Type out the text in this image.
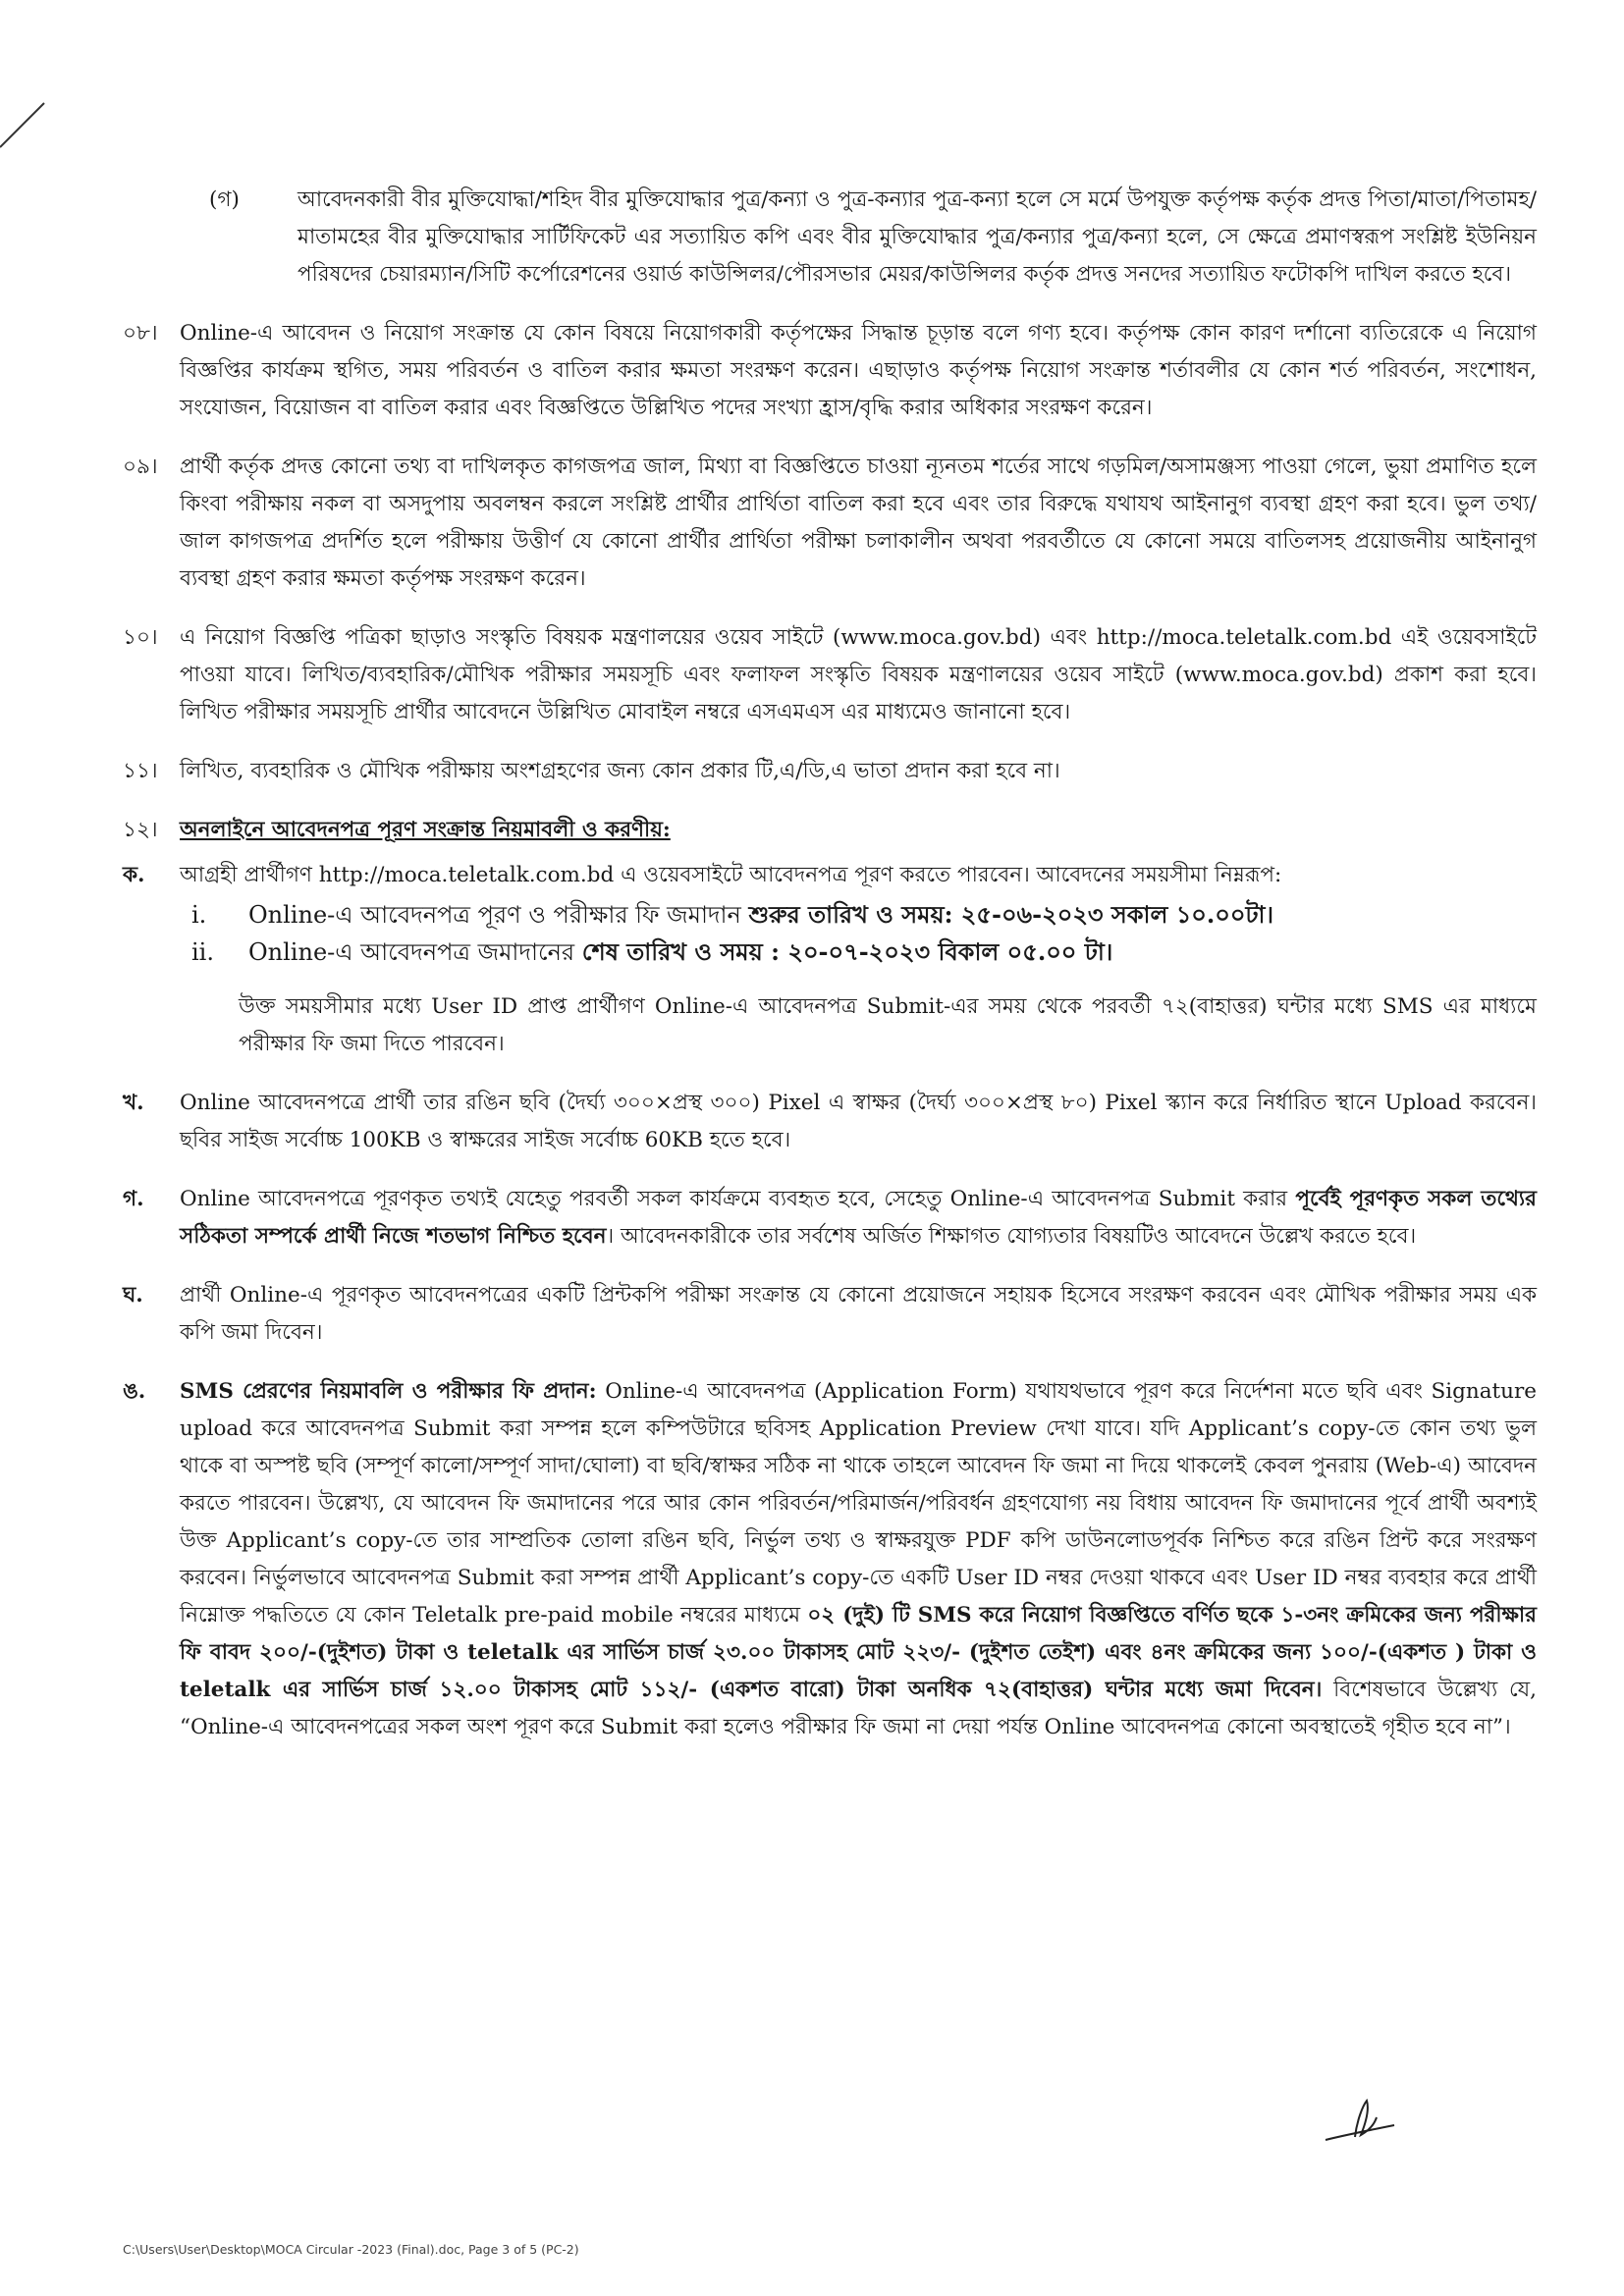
(গ)	আবেদনকারী বীর মুক্তিযোদ্ধা/শহিদ বীর মুক্তিযোদ্ধার পুত্র/কন্যা ও পুত্র-কন্যার পুত্র-কন্যা হলে সে মর্মে উপযুক্ত কর্তৃপক্ষ কর্তৃক প্রদত্ত পিতা/মাতা/পিতামহ/মাতামহের বীর মুক্তিযোদ্ধার সার্টিফিকেট এর সত্যায়িত কপি এবং বীর মুক্তিযোদ্ধার পুত্র/কন্যার পুত্র/কন্যা হলে, সে ক্ষেত্রে প্রমাণস্বরূপ সংশ্লিষ্ট ইউনিয়ন পরিষদের চেয়ারম্যান/সিটি কর্পোরেশনের ওয়ার্ড কাউন্সিলর/পৌরসভার মেয়র/কাউন্সিলর কর্তৃক প্রদত্ত সনদের সত্যায়িত ফটোকপি দাখিল করতে হবে।
০৮।	Online-এ আবেদন ও নিয়োগ সংক্রান্ত যে কোন বিষয়ে নিয়োগকারী কর্তৃপক্ষের সিদ্ধান্ত চূড়ান্ত বলে গণ্য হবে। কর্তৃপক্ষ কোন কারণ দর্শানো ব্যতিরেকে এ নিয়োগ বিজ্ঞপ্তির কার্যক্রম স্থগিত, সময় পরিবর্তন ও বাতিল করার ক্ষমতা সংরক্ষণ করেন। এছাড়াও কর্তৃপক্ষ নিয়োগ সংক্রান্ত শর্তাবলীর যে কোন শর্ত পরিবর্তন, সংশোধন, সংযোজন, বিয়োজন বা বাতিল করার এবং বিজ্ঞপ্তিতে উল্লিখিত পদের সংখ্যা হ্রাস/বৃদ্ধি করার অধিকার সংরক্ষণ করেন।
০৯।	প্রার্থী কর্তৃক প্রদত্ত কোনো তথ্য বা দাখিলকৃত কাগজপত্র জাল, মিথ্যা বা বিজ্ঞপ্তিতে চাওয়া ন্যূনতম শর্তের সাথে গড়মিল/অসামঞ্জস্য পাওয়া গেলে, ভুয়া প্রমাণিত হলে কিংবা পরীক্ষায় নকল বা অসদুপায় অবলম্বন করলে সংশ্লিষ্ট প্রার্থীর প্রার্থিতা বাতিল করা হবে এবং তার বিরুদ্ধে যথাযথ আইনানুগ ব্যবস্থা গ্রহণ করা হবে। ভুল তথ্য/জাল কাগজপত্র প্রদর্শিত হলে পরীক্ষায় উত্তীর্ণ যে কোনো প্রার্থীর প্রার্থিতা পরীক্ষা চলাকালীন অথবা পরবর্তীতে যে কোনো সময়ে বাতিলসহ প্রয়োজনীয় আইনানুগ ব্যবস্থা গ্রহণ করার ক্ষমতা কর্তৃপক্ষ সংরক্ষণ করেন।
১০।	এ নিয়োগ বিজ্ঞপ্তি পত্রিকা ছাড়াও সংস্কৃতি বিষয়ক মন্ত্রণালয়ের ওয়েব সাইটে (www.moca.gov.bd) এবং http://moca.teletalk.com.bd এই ওয়েবসাইটে পাওয়া যাবে। লিখিত/ব্যবহারিক/মৌখিক পরীক্ষার সময়সূচি এবং ফলাফল সংস্কৃতি বিষয়ক মন্ত্রণালয়ের ওয়েব সাইটে (www.moca.gov.bd) প্রকাশ করা হবে। লিখিত পরীক্ষার সময়সূচি প্রার্থীর আবেদনে উল্লিখিত মোবাইল নম্বরে এসএমএস এর মাধ্যমেও জানানো হবে।
১১।	লিখিত, ব্যবহারিক ও মৌখিক পরীক্ষায় অংশগ্রহণের জন্য কোন প্রকার টি,এ/ডি,এ ভাতা প্রদান করা হবে না।
১২।	অনলাইনে আবেদনপত্র পূরণ সংক্রান্ত নিয়মাবলী ও করণীয়:
ক.	আগ্রহী প্রার্থীগণ http://moca.teletalk.com.bd এ ওয়েবসাইটে আবেদনপত্র পূরণ করতে পারবেন। আবেদনের সময়সীমা নিম্নরূপ:
i.	Online-এ আবেদনপত্র পূরণ ও পরীক্ষার ফি জমাদান শুরুর তারিখ ও সময়: ২৫-০৬-২০২৩ সকাল ১০.০০টা।
ii.	Online-এ আবেদনপত্র জমাদানের শেষ তারিখ ও সময় : ২০-০৭-২০২৩ বিকাল ০৫.০০ টা।
উক্ত সময়সীমার মধ্যে User ID প্রাপ্ত প্রার্থীগণ Online-এ আবেদনপত্র Submit-এর সময় থেকে পরবর্তী ৭২(বাহাত্তর) ঘন্টার মধ্যে SMS এর মাধ্যমে পরীক্ষার ফি জমা দিতে পারবেন।
খ.	Online আবেদনপত্রে প্রার্থী তার রঙিন ছবি (দৈর্ঘ্য ৩০০×প্রস্থ ৩০০) Pixel এ স্বাক্ষর (দৈর্ঘ্য ৩০০×প্রস্থ ৮০) Pixel স্ক্যান করে নির্ধারিত স্থানে Upload করবেন। ছবির সাইজ সর্বোচ্চ 100KB ও স্বাক্ষরের সাইজ সর্বোচ্চ 60KB হতে হবে।
গ.	Online আবেদনপত্রে পূরণকৃত তথ্যই যেহেতু পরবর্তী সকল কার্যক্রমে ব্যবহৃত হবে, সেহেতু Online-এ আবেদনপত্র Submit করার পূর্বেই পূরণকৃত সকল তথ্যের সঠিকতা সম্পর্কে প্রার্থী নিজে শতভাগ নিশ্চিত হবেন। আবেদনকারীকে তার সর্বশেষ অর্জিত শিক্ষাগত যোগ্যতার বিষয়টিও আবেদনে উল্লেখ করতে হবে।
ঘ.	প্রার্থী Online-এ পূরণকৃত আবেদনপত্রের একটি প্রিন্টকপি পরীক্ষা সংক্রান্ত যে কোনো প্রয়োজনে সহায়ক হিসেবে সংরক্ষণ করবেন এবং মৌখিক পরীক্ষার সময় এক কপি জমা দিবেন।
ঙ.	SMS প্রেরণের নিয়মাবলি ও পরীক্ষার ফি প্রদান: Online-এ আবেদনপত্র (Application Form) যথাযথভাবে পূরণ করে নির্দেশনা মতে ছবি এবং Signature upload করে আবেদনপত্র Submit করা সম্পন্ন হলে কম্পিউটারে ছবিসহ Application Preview দেখা যাবে। যদি Applicant’s copy-তে কোন তথ্য ভুল থাকে বা অস্পষ্ট ছবি (সম্পূর্ণ কালো/সম্পূর্ণ সাদা/ঘোলা) বা ছবি/স্বাক্ষর সঠিক না থাকে তাহলে আবেদন ফি জমা না দিয়ে থাকলেই কেবল পুনরায় (Web-এ) আবেদন করতে পারবেন। উল্লেখ্য, যে আবেদন ফি জমাদানের পরে আর কোন পরিবর্তন/পরিমার্জন/পরিবর্ধন গ্রহণযোগ্য নয় বিধায় আবেদন ফি জমাদানের পূর্বে প্রার্থী অবশ্যই উক্ত Applicant’s copy-তে তার সাম্প্রতিক তোলা রঙিন ছবি, নির্ভুল তথ্য ও স্বাক্ষরযুক্ত PDF কপি ডাউনলোডপূর্বক নিশ্চিত করে রঙিন প্রিন্ট করে সংরক্ষণ করবেন। নির্ভুলভাবে আবেদনপত্র Submit করা সম্পন্ন প্রার্থী Applicant’s copy-তে একটি User ID নম্বর দেওয়া থাকবে এবং User ID নম্বর ব্যবহার করে প্রার্থী নিম্নোক্ত পদ্ধতিতে যে কোন Teletalk pre-paid mobile নম্বরের মাধ্যমে ০২ (দুই) টি SMS করে নিয়োগ বিজ্ঞপ্তিতে বর্ণিত ছকে ১-৩নং ক্রমিকের জন্য পরীক্ষার ফি বাবদ ২০০/-(দুইশত) টাকা ও teletalk এর সার্ভিস চার্জ ২৩.০০ টাকাসহ মোট ২২৩/- (দুইশত তেইশ) এবং ৪নং ক্রমিকের জন্য ১০০/-(একশত ) টাকা ও teletalk এর সার্ভিস চার্জ ১২.০০ টাকাসহ মোট ১১২/- (একশত বারো) টাকা অনধিক ৭২(বাহাত্তর) ঘন্টার মধ্যে জমা দিবেন। বিশেষভাবে উল্লেখ্য যে, “Online-এ আবেদনপত্রের সকল অংশ পূরণ করে Submit করা হলেও পরীক্ষার ফি জমা না দেয়া পর্যন্ত Online আবেদনপত্র কোনো অবস্থাতেই গৃহীত হবে না”।
C:\Users\User\Desktop\MOCA Circular -2023 (Final).doc, Page 3 of 5 (PC-2)
